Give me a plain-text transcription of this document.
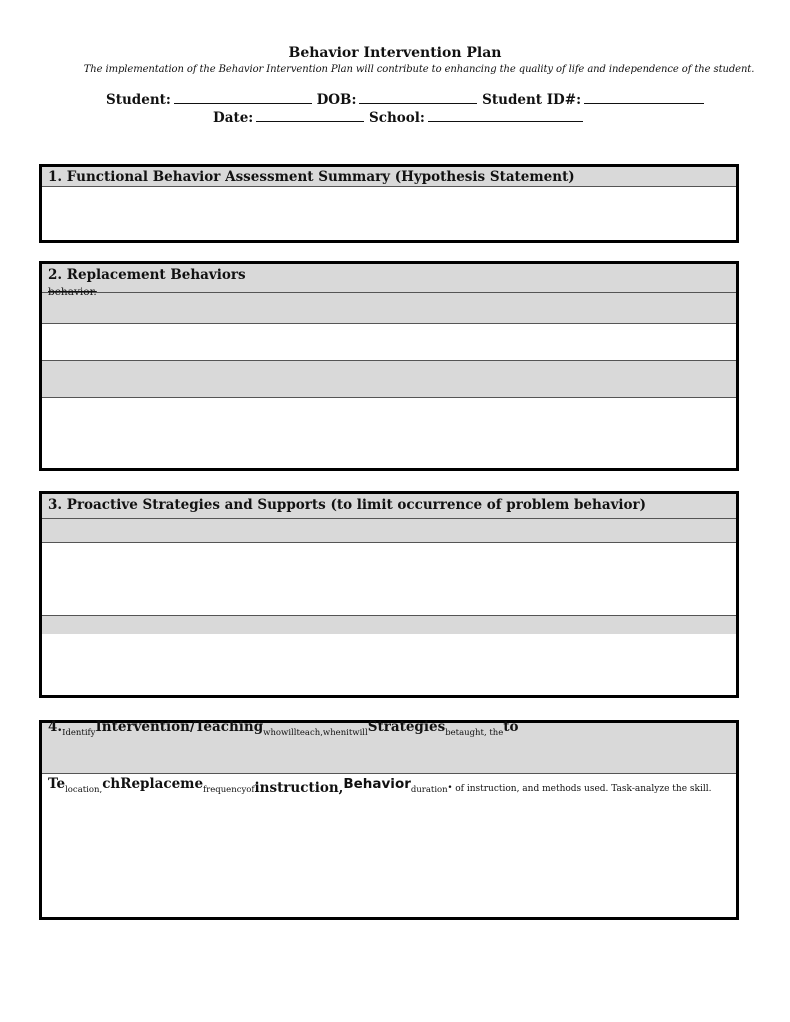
Behavior Intervention Plan
The implementation of the Behavior Intervention Plan will contribute to enhancing the quality of life and independence of the student.
Student:	DOB:	Student ID#:
Date:	School:
1. Functional Behavior Assessment Summary (Hypothesis Statement)
2. Replacement Behaviors
behavior.
3. Proactive Strategies and Supports (to limit occurrence of problem behavior)
$4._{Identify}Intervention/Teaching_{whowillteach,whenitwill}Strategies_{betaught, the}to$
$Te_{location,}chReplaceme_{frequencyof}instruction,Behavior_{duration}$. $_{of instruction, and methods used. Task-analyze the skill.}$
